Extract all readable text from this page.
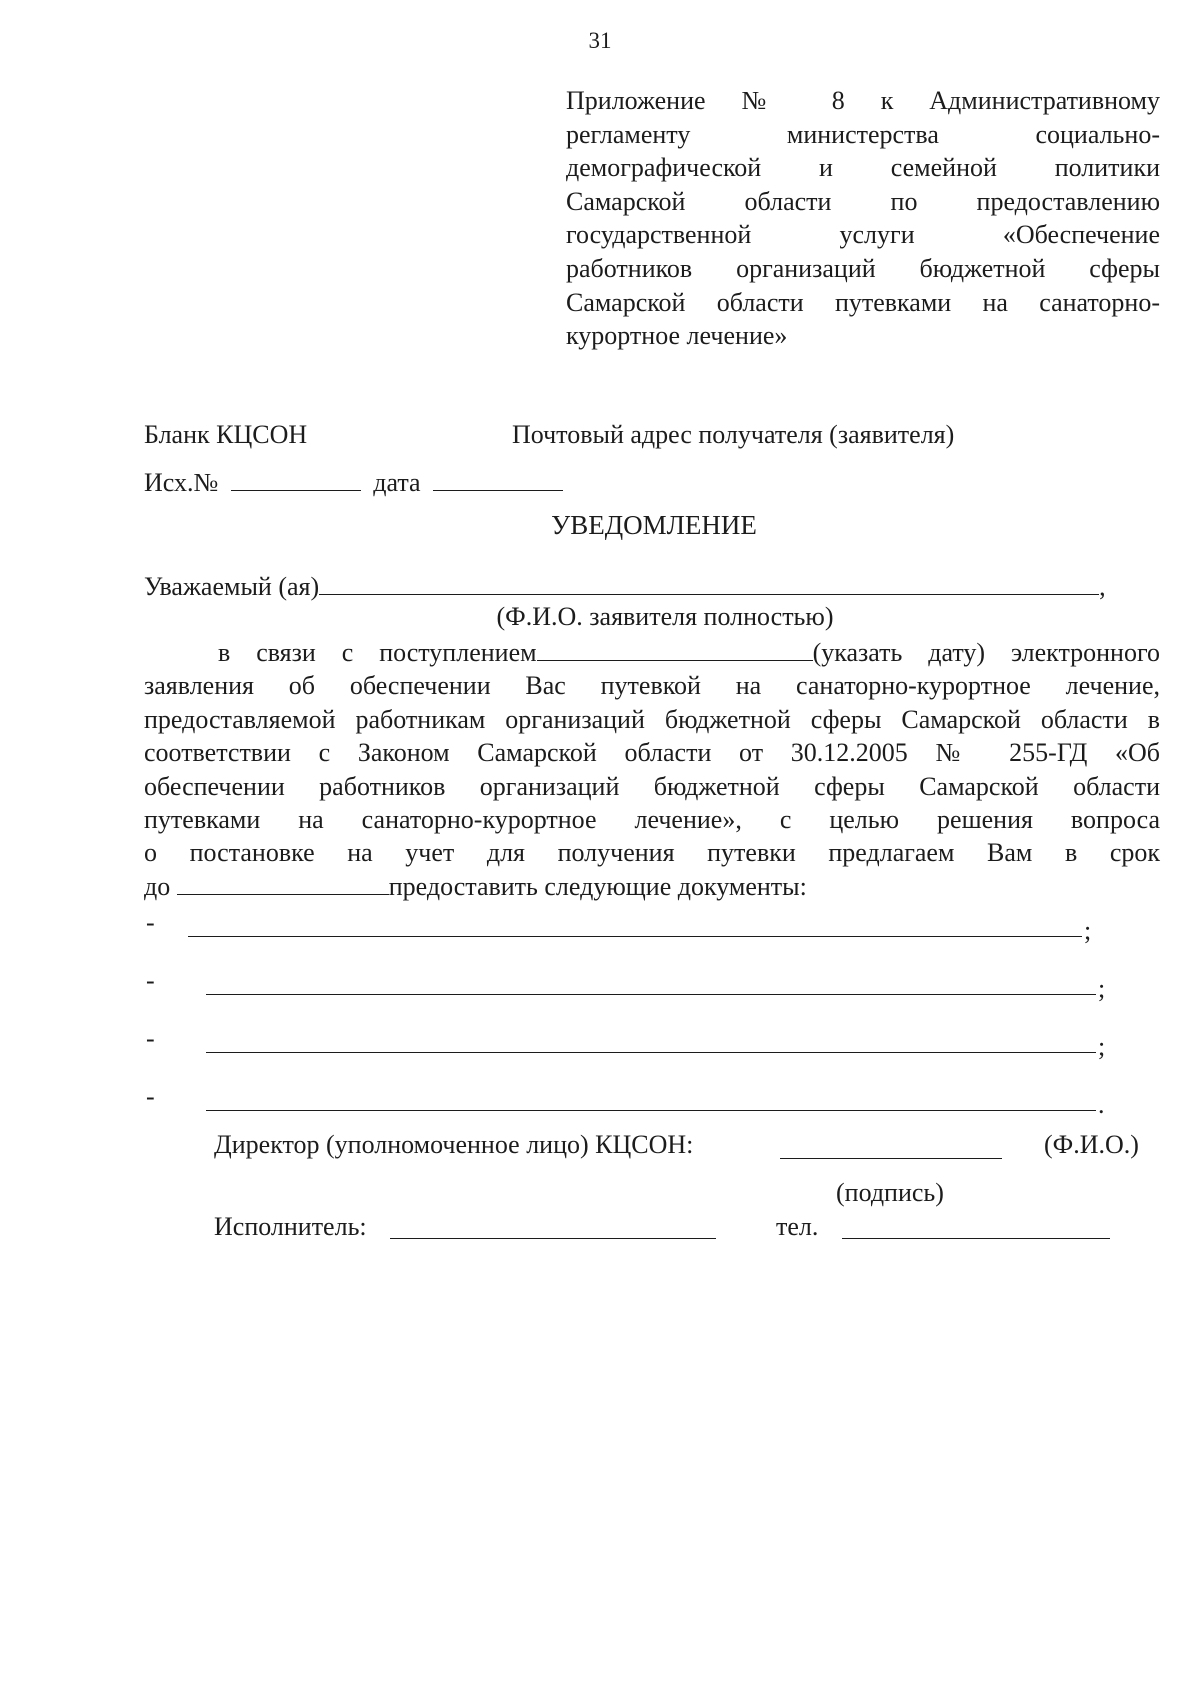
31
Приложение № 8 к Административному
регламенту министерства социально-
демографической и семейной политики
Самарской области по предоставлению
государственной услуги «Обеспечение
работников организаций бюджетной сферы
Самарской области путевками на санаторно-
курортное лечение»
Бланк КЦСОН	Почтовый адрес получателя (заявителя)
Исх.№	дата
УВЕДОМЛЕНИЕ
Уважаемый (ая)	,
(Ф.И.О. заявителя полностью)
в связи с поступлением	(указать дату) электронного
заявления об обеспечении Вас путевкой на санаторно-курортное лечение,
предоставляемой работникам организаций бюджетной сферы Самарской области в
соответствии с Законом Самарской области от 30.12.2005 № 255-ГД «Об
обеспечении работников организаций бюджетной сферы Самарской области
путевками на санаторно-курортное лечение», с целью решения вопроса
о постановке на учет для получения путевки предлагаем Вам в срок
до	предоставить следующие документы:
-	;
-	;
-	;
-	.
Директор (уполномоченное лицо) КЦСОН:	(Ф.И.О.)
(подпись)
Исполнитель:	тел.
